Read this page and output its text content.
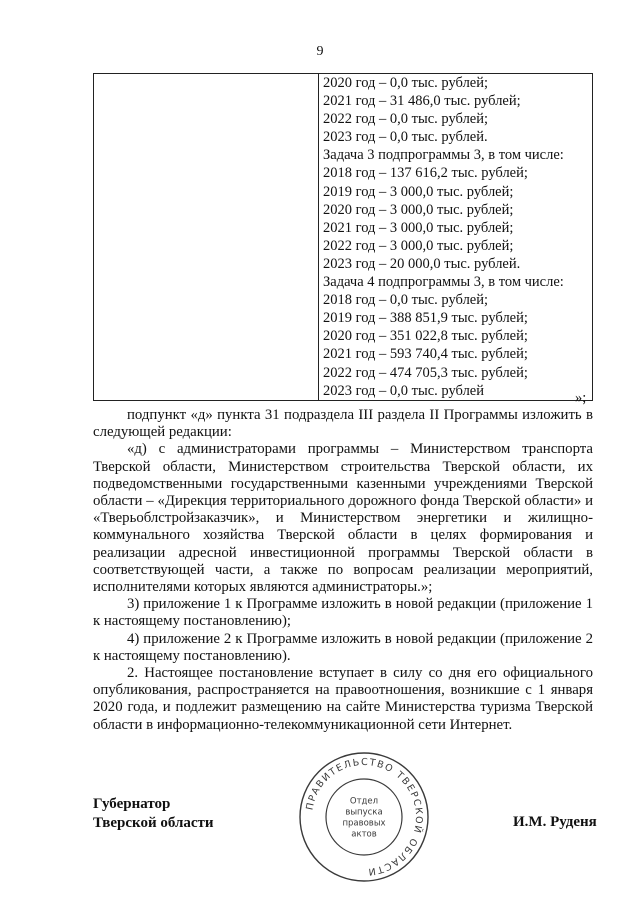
9

2020 год – 0,0 тыс. рублей;
2021 год – 31 486,0 тыс. рублей;
2022 год – 0,0 тыс. рублей;
2023 год – 0,0 тыс. рублей.
Задача 3 подпрограммы 3, в том числе:
2018 год – 137 616,2 тыс. рублей;
2019 год – 3 000,0 тыс. рублей;
2020 год – 3 000,0 тыс. рублей;
2021 год – 3 000,0 тыс. рублей;
2022 год – 3 000,0 тыс. рублей;
2023 год – 20 000,0 тыс. рублей.
Задача 4 подпрограммы 3, в том числе:
2018 год – 0,0 тыс. рублей;
2019 год – 388 851,9 тыс. рублей;
2020 год – 351 022,8 тыс. рублей;
2021 год – 593 740,4 тыс. рублей;
2022 год – 474 705,3 тыс. рублей;
2023 год – 0,0 тыс. рублей	»;

подпункт «д» пункта 31 подраздела III раздела II Программы изложить в следующей редакции:

«д) с администраторами программы – Министерством транспорта Тверской области, Министерством строительства Тверской области, их подведомственными государственными казенными учреждениями Тверской области – «Дирекция территориального дорожного фонда Тверской области» и «Тверьоблстройзаказчик», и Министерством энергетики и жилищно-коммунального хозяйства Тверской области в целях формирования и реализации адресной инвестиционной программы Тверской области в соответствующей части, а также по вопросам реализации мероприятий, исполнителями которых являются администраторы.»;

3) приложение 1 к Программе изложить в новой редакции (приложение 1 к настоящему постановлению);

4) приложение 2 к Программе изложить в новой редакции (приложение 2 к настоящему постановлению).

2. Настоящее постановление вступает в силу со дня его официального опубликования, распространяется на правоотношения, возникшие с 1 января 2020 года, и подлежит размещению на сайте Министерства туризма Тверской области в информационно-телекоммуникационной сети Интернет.

Губернатор
Тверской области	И.М. Руденя
ПРАВИТЕЛЬСТВО ТВЕРСКОЙ ОБЛАСТИ
Отдел
выпуска
правовых
актов
